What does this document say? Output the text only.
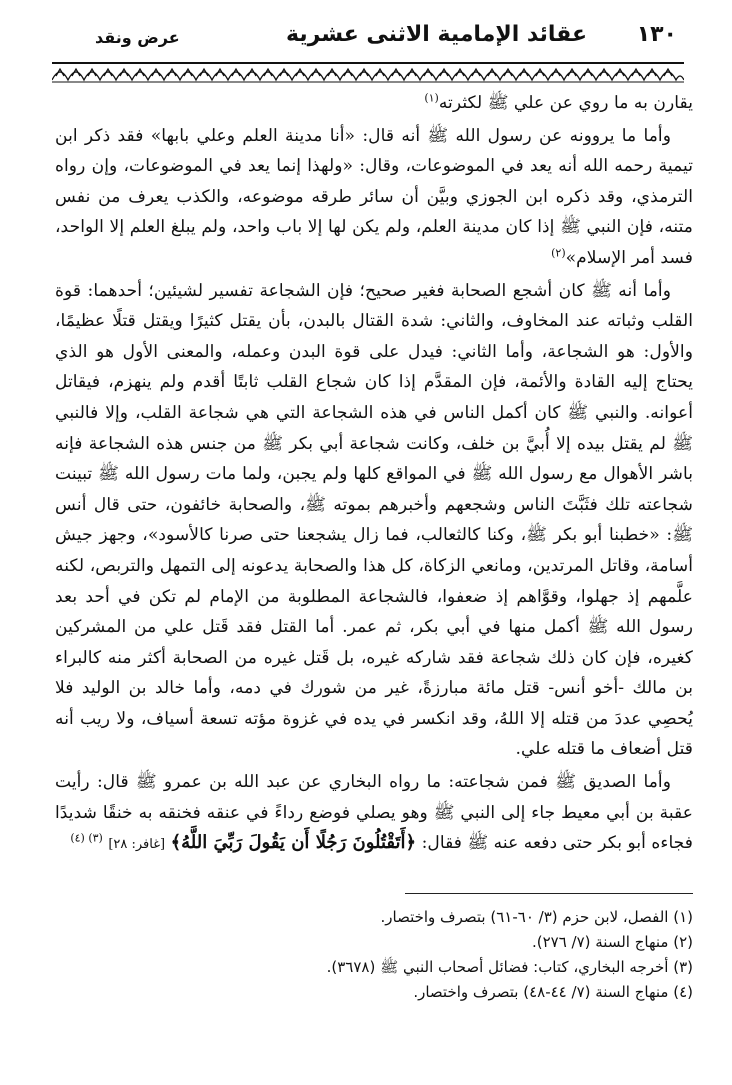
١٣٠
عقائد الإمامية الاثنى عشرية
عرض ونقد

يقارن به ما روي عن علي ﷺ لكثرته$^{(١)}$

وأما ما يروونه عن رسول الله ﷺ أنه قال: «أنا مدينة العلم وعلي بابها» فقد ذكر ابن تيمية رحمه الله أنه يعد في الموضوعات، وقال: «ولهذا إنما يعد في الموضوعات، وإن رواه الترمذي، وقد ذكره ابن الجوزي وبيَّن أن سائر طرقه موضوعه، والكذب يعرف من نفس متنه، فإن النبي ﷺ إذا كان مدينة العلم، ولم يكن لها إلا باب واحد، ولم يبلغ العلم إلا الواحد، فسد أمر الإسلام»$^{(٢)}$

وأما أنه ﷺ كان أشجع الصحابة فغير صحيح؛ فإن الشجاعة تفسير لشيئين؛ أحدهما: قوة القلب وثباته عند المخاوف، والثاني: شدة القتال بالبدن، بأن يقتل كثيرًا ويقتل قتلًا عظيمًا، والأول: هو الشجاعة، وأما الثاني: فيدل على قوة البدن وعمله، والمعنى الأول هو الذي يحتاج إليه القادة والأئمة، فإن المقدَّم إذا كان شجاع القلب ثابتًا أقدم ولم ينهزم، فيقاتل أعوانه. والنبي ﷺ كان أكمل الناس في هذه الشجاعة التي هي شجاعة القلب، وإلا فالنبي ﷺ لم يقتل بيده إلا أُبيَّ بن خلف، وكانت شجاعة أبي بكر ﷺ من جنس هذه الشجاعة فإنه باشر الأهوال مع رسول الله ﷺ في المواقع كلها ولم يجبن، ولما مات رسول الله ﷺ تبينت شجاعته تلك فثَبَّتَ الناس وشجعهم وأخبرهم بموته ﷺ، والصحابة خائفون، حتى قال أنس ﷺ: «خطبنا أبو بكر ﷺ، وكنا كالثعالب، فما زال يشجعنا حتى صرنا كالأسود»، وجهز جيش أسامة، وقاتل المرتدين، ومانعي الزكاة، كل هذا والصحابة يدعونه إلى التمهل والتربص، لكنه علَّمهم إذ جهلوا، وقوَّاهم إذ ضعفوا، فالشجاعة المطلوبة من الإمام لم تكن في أحد بعد رسول الله ﷺ أكمل منها في أبي بكر، ثم عمر. أما القتل فقد قَتل علي من المشركين كغيره، فإن كان ذلك شجاعة فقد شاركه غيره، بل قَتل غيره من الصحابة أكثر منه كالبراء بن مالك -أخو أنس- قتل مائة مبارزةً، غير من شورك في دمه، وأما خالد بن الوليد فلا يُحصِي عددَ من قتله إلا اللهُ، وقد انكسر في يده في غزوة مؤته تسعة أسياف، ولا ريب أنه قتل أضعاف ما قتله علي.

وأما الصديق ﷺ فمن شجاعته: ما رواه البخاري عن عبد الله بن عمرو ﷺ قال: رأيت عقبة بن أبي معيط جاء إلى النبي ﷺ وهو يصلي فوضع رداءً في عنقه فخنقه به خنقًا شديدًا فجاءه أبو بكر حتى دفعه عنه ﷺ فقال: ﴿أَتَقْتُلُونَ رَجُلًا أَن يَقُولَ رَبِّيَ اللَّهُ﴾ [غافر: ٢٨] $^{(٣) (٤)}$

(١) الفصل، لابن حزم (٣/ ٦٠-٦١) بتصرف واختصار.
(٢) منهاج السنة (٧/ ٢٧٦).
(٣) أخرجه البخاري، كتاب: فضائل أصحاب النبي ﷺ (٣٦٧٨).
(٤) منهاج السنة (٧/ ٤٤-٤٨) بتصرف واختصار.
